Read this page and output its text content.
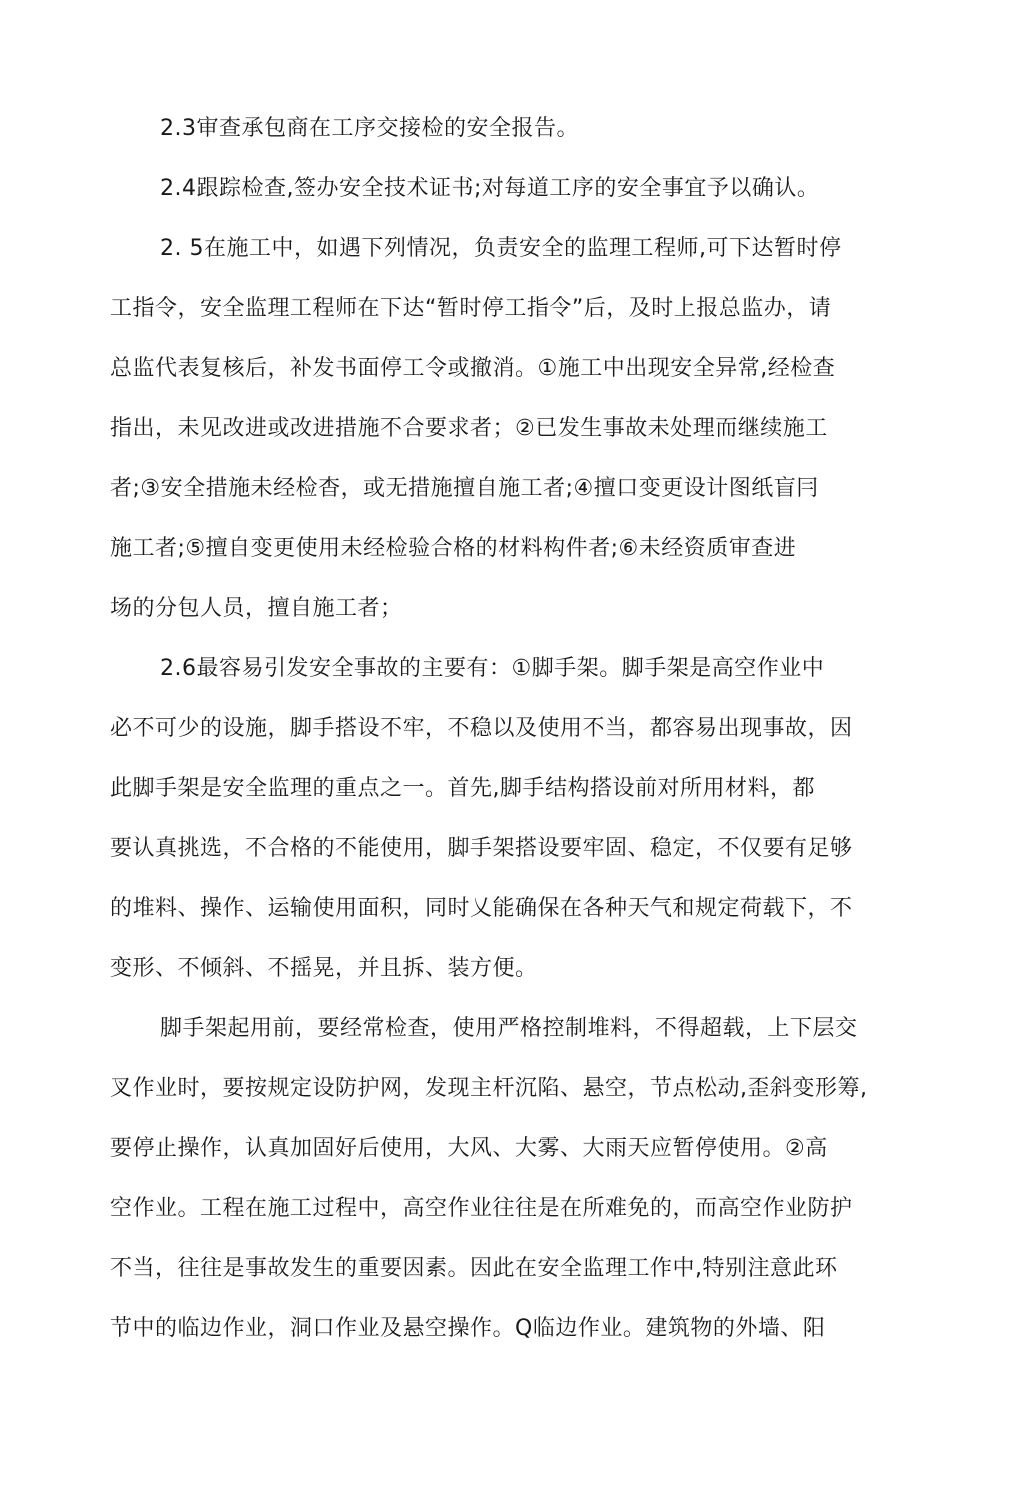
2.3审查承包商在工序交接检的安全报告。
2.4跟踪检查,签办安全技术证书;对每道工序的安全事宜予以确认。
2. 5在施工中，如遇下列情况，负责安全的监理工程师,可下达暂时停
工指令，安全监理工程师在下达“暂时停工指令”后，及时上报总监办，请
总监代表复核后，补发书面停工令或撤消。①施工中出现安全异常,经检查
指出，未见改进或改进措施不合要求者；②已发生事故未处理而继续施工
者;③安全措施未经检杳，或无措施擅自施工者;④擅口变更设计图纸盲冃
施工者;⑤擅自变更使用未经检验合格的材料构件者;⑥未经资质审查进
场的分包人员，擅自施工者；
2.6最容易引发安全事故的主要有：①脚手架。脚手架是高空作业中
必不可少的设施，脚手搭设不牢，不稳以及使用不当，都容易出现事故，因
此脚手架是安全监理的重点之一。首先,脚手结构搭设前对所用材料，都
要认真挑选，不合格的不能使用，脚手架搭设要牢固、稳定，不仅要有足够
的堆料、操作、运输使用面积，同时乂能确保在各种天气和规定荷载下，不
变形、不倾斜、不摇晃，并且拆、装方便。
脚手架起用前，要经常检查，使用严格控制堆料，不得超载，上下层交
叉作业时，要按规定设防护网，发现主杆沉陷、悬空，节点松动,歪斜变形筹,
要停止操作，认真加固好后使用，大风、大雾、大雨天应暂停使用。②高
空作业。工程在施工过程中，高空作业往往是在所难免的，而高空作业防护
不当，往往是事故发生的重要因素。因此在安全监理工作中,特别注意此环
节中的临边作业，洞口作业及悬空操作。Q临边作业。建筑物的外墙、阳
